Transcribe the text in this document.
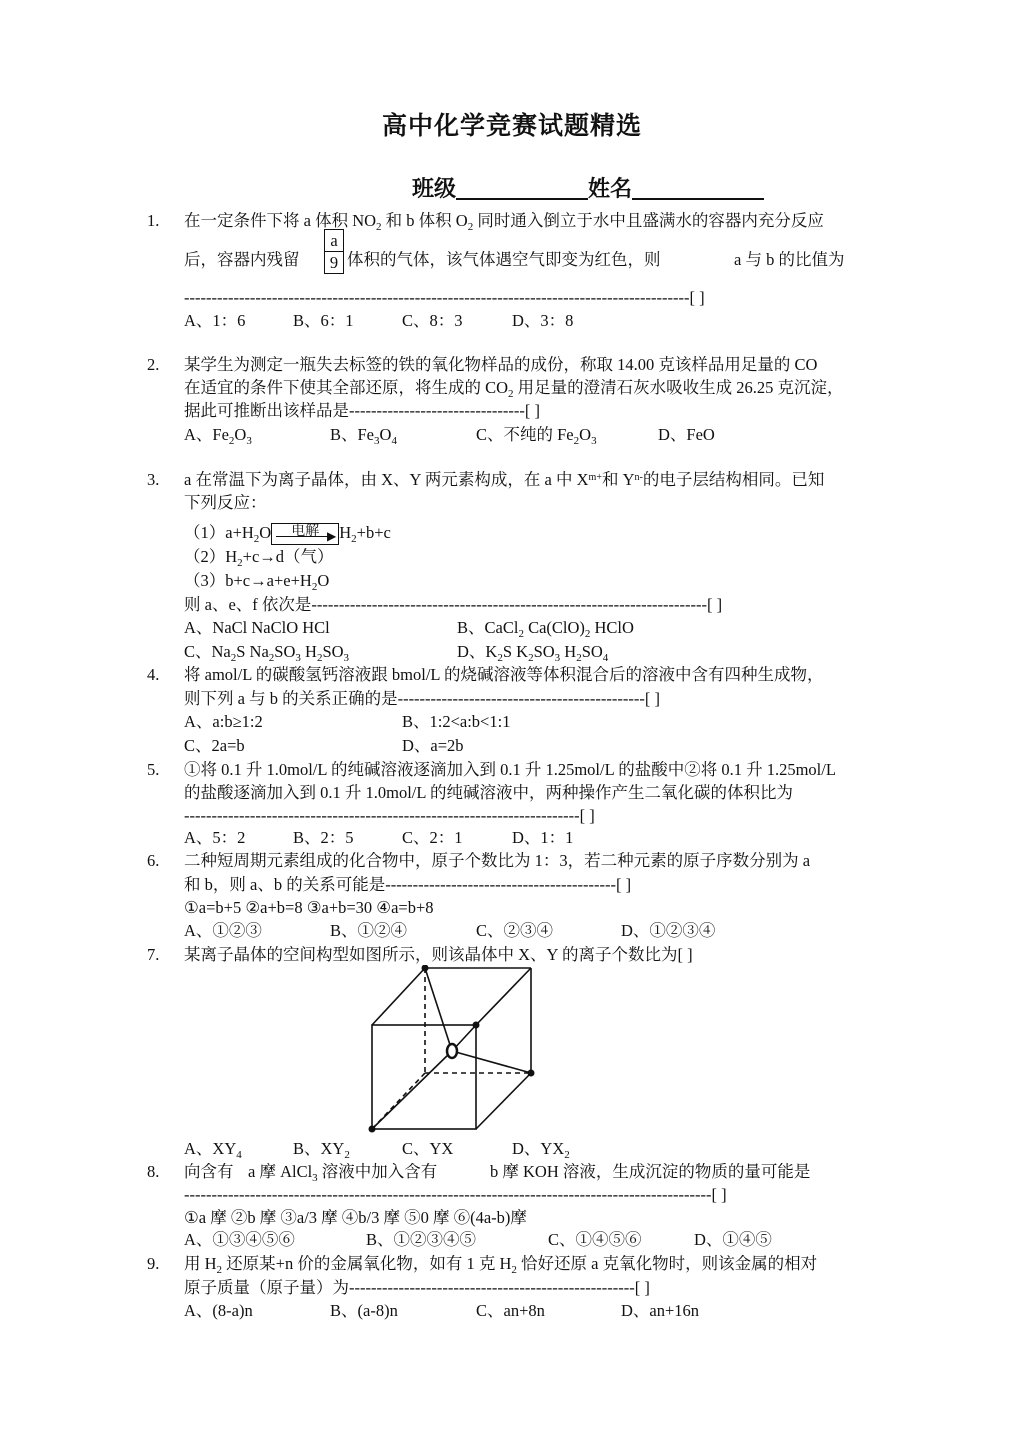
高中化学竞赛试题精选
班级	姓名
1. 在一定条件下将 a 体积 $NO_2$ 和 b 体积 $O_2$ 同时通入倒立于水中且盛满水的容器内充分反应
后，容器内残留 $\frac{a}{9}$ 体积的气体，该气体遇空气即变为红色，则	a 与 b 的比值为
--------------------------------------------------------------------------------------------[ ]
A、1：6	B、6：1	C、8：3	D、3：8
2. 某学生为测定一瓶失去标签的铁的氧化物样品的成份，称取 14.00 克该样品用足量的 CO
在适宜的条件下使其全部还原，将生成的 $CO_2$ 用足量的澄清石灰水吸收生成 26.25 克沉淀，
据此可推断出该样品是--------------------------------[ ]
A、$Fe_2O_3$	B、$Fe_3O_4$	C、不纯的 $Fe_2O_3$	D、FeO
3. a 在常温下为离子晶体，由 X、Y 两元素构成，在 a 中 $X^{m+}$和 $Y^{n-}$的电子层结构相同。已知
下列反应：
$(1)a+H_2O$	电解 ▶ $H_2+b+c$
$(2)H_2+c\to d$（气）
$(3)b+c\to a+e+H_2O$
则 a、e、f 依次是------------------------------------------------------------------------[ ]
A、NaCl NaClO HCl	B、CaCl$_2$ $Ca(ClO)_2$ HClO
C、$Na_2S$ $Na_2SO_3$ $H_2SO_3$	D、$K_2S$ $K_2SO_3$ $H_2SO_4$
4. 将 amol/L 的碳酸氢钙溶液跟 bmol/L 的烧碱溶液等体积混合后的溶液中含有四种生成物，
则下列 a 与 b 的关系正确的是---------------------------------------------[ ]
A、a:b≥1:2	B、1:2<a:b<1:1
C、2a=b	D、a=2b
5. ①将 0.1 升 1.0mol/L 的纯碱溶液逐滴加入到 0.1 升 1.25mol/L 的盐酸中②将 0.1 升 1.25mol/L
的盐酸逐滴加入到 0.1 升 1.0mol/L 的纯碱溶液中，两种操作产生二氧化碳的体积比为
------------------------------------------------------------------------[ ]
A、5：2	B、2：5	C、2：1	D、1：1
6. 二种短周期元素组成的化合物中，原子个数比为 1：3，若二种元素的原子序数分别为 a
和 b，则 a、b 的关系可能是------------------------------------------[ ]
①a=b+5 ②a+b=8 ③a+b=30 ④a=b+8
A、①②③	B、①②④	C、②③④	D、①②③④
7. 某离子晶体的空间构型如图所示，则该晶体中 X、Y 的离子个数比为[ ]
A、$XY_4$	B、$XY_2$	C、YX	D、$YX_2$
8. 向含有 a 摩 AlCl$_3$ 溶液中加入含有	b 摩 KOH 溶液，生成沉淀的物质的量可能是
------------------------------------------------------------------------------------------------[ ]
①a 摩 ②b 摩 ③a/3 摩 ④b/3 摩 ⑤0 摩 ⑥(4a-b)摩
A、①③④⑤⑥	B、①②③④⑤	C、①④⑤⑥	D、①④⑤
9. 用 $H_2$ 还原某+n 价的金属氧化物，如有 1 克 $H_2$ 恰好还原 a 克氧化物时，则该金属的相对
原子质量（原子量）为----------------------------------------------------[ ]
A、(8-a)n	B、(a-8)n	C、an+8n	D、an+16n
